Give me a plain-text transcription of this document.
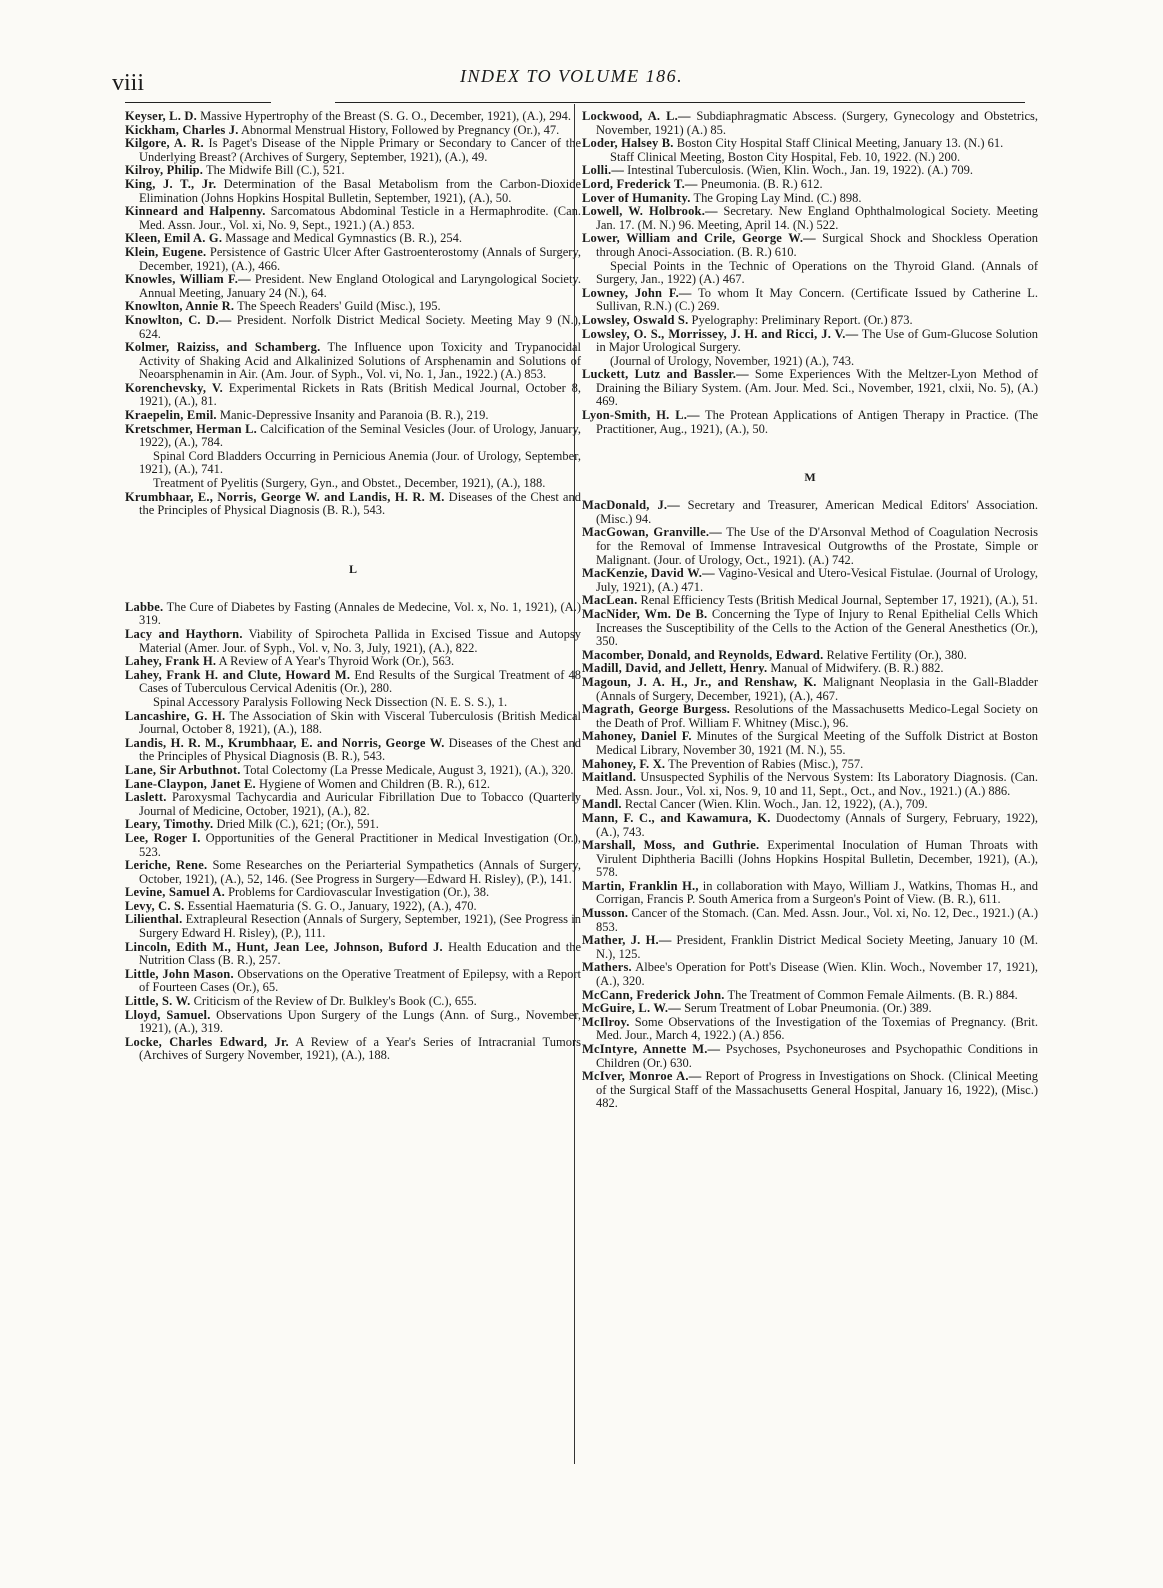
viii	INDEX TO VOLUME 186.

Keyser, L. D. Massive Hypertrophy of the Breast (S. G. O., December, 1921), (A.), 294.

Kickham, Charles J. Abnormal Menstrual History, Followed by Pregnancy (Or.), 47.

Kilgore, A. R. Is Paget's Disease of the Nipple Primary or Secondary to Cancer of the Underlying Breast? (Archives of Surgery, September, 1921), (A.), 49.

Kilroy, Philip. The Midwife Bill (C.), 521.

King, J. T., Jr. Determination of the Basal Metabolism from the Carbon-Dioxide Elimination (Johns Hopkins Hospital Bulletin, September, 1921), (A.), 50.

Kinneard and Halpenny. Sarcomatous Abdominal Testicle in a Hermaphrodite. (Can. Med. Assn. Jour., Vol. xi, No. 9, Sept., 1921.) (A.) 853.

Kleen, Emil A. G. Massage and Medical Gymnastics (B. R.), 254.

Klein, Eugene. Persistence of Gastric Ulcer After Gastroenterostomy (Annals of Surgery, December, 1921), (A.), 466.

Knowles, William F.— President. New England Otological and Laryngological Society. Annual Meeting, January 24 (N.), 64.

Knowlton, Annie R. The Speech Readers' Guild (Misc.), 195.

Knowlton, C. D.— President. Norfolk District Medical Society. Meeting May 9 (N.), 624.

Kolmer, Raiziss, and Schamberg. The Influence upon Toxicity and Trypanocidal Activity of Shaking Acid and Alkalinized Solutions of Arsphenamin and Solutions of Neoarsphenamin in Air. (Am. Jour. of Syph., Vol. vi, No. 1, Jan., 1922.) (A.) 853.

Korenchevsky, V. Experimental Rickets in Rats (British Medical Journal, October 8, 1921), (A.), 81.

Kraepelin, Emil. Manic-Depressive Insanity and Paranoia (B. R.), 219.

Kretschmer, Herman L. Calcification of the Seminal Vesicles (Jour. of Urology, January, 1922), (A.), 784.

Spinal Cord Bladders Occurring in Pernicious Anemia (Jour. of Urology, September, 1921), (A.), 741.

Treatment of Pyelitis (Surgery, Gyn., and Obstet., December, 1921), (A.), 188.

Krumbhaar, E., Norris, George W. and Landis, H. R. M. Diseases of the Chest and the Principles of Physical Diagnosis (B. R.), 543.

L

Labbe. The Cure of Diabetes by Fasting (Annales de Medecine, Vol. x, No. 1, 1921), (A.) 319.

Lacy and Haythorn. Viability of Spirocheta Pallida in Excised Tissue and Autopsy Material (Amer. Jour. of Syph., Vol. v, No. 3, July, 1921), (A.), 822.

Lahey, Frank H. A Review of A Year's Thyroid Work (Or.), 563.

Lahey, Frank H. and Clute, Howard M. End Results of the Surgical Treatment of 48 Cases of Tuberculous Cervical Adenitis (Or.), 280.

Spinal Accessory Paralysis Following Neck Dissection (N. E. S. S.), 1.

Lancashire, G. H. The Association of Skin with Visceral Tuberculosis (British Medical Journal, October 8, 1921), (A.), 188.

Landis, H. R. M., Krumbhaar, E. and Norris, George W. Diseases of the Chest and the Principles of Physical Diagnosis (B. R.), 543.

Lane, Sir Arbuthnot. Total Colectomy (La Presse Medicale, August 3, 1921), (A.), 320.

Lane-Claypon, Janet E. Hygiene of Women and Children (B. R.), 612.

Laslett. Paroxysmal Tachycardia and Auricular Fibrillation Due to Tobacco (Quarterly Journal of Medicine, October, 1921), (A.), 82.

Leary, Timothy. Dried Milk (C.), 621; (Or.), 591.

Lee, Roger I. Opportunities of the General Practitioner in Medical Investigation (Or.), 523.

Leriche, Rene. Some Researches on the Periarterial Sympathetics (Annals of Surgery, October, 1921), (A.), 52, 146. (See Progress in Surgery—Edward H. Risley), (P.), 141.

Levine, Samuel A. Problems for Cardiovascular Investigation (Or.), 38.

Levy, C. S. Essential Haematuria (S. G. O., January, 1922), (A.), 470.

Lilienthal. Extrapleural Resection (Annals of Surgery, September, 1921), (See Progress in Surgery Edward H. Risley), (P.), 111.

Lincoln, Edith M., Hunt, Jean Lee, Johnson, Buford J. Health Education and the Nutrition Class (B. R.), 257.

Little, John Mason. Observations on the Operative Treatment of Epilepsy, with a Report of Fourteen Cases (Or.), 65.

Little, S. W. Criticism of the Review of Dr. Bulkley's Book (C.), 655.

Lloyd, Samuel. Observations Upon Surgery of the Lungs (Ann. of Surg., November, 1921), (A.), 319.

Locke, Charles Edward, Jr. A Review of a Year's Series of Intracranial Tumors (Archives of Surgery November, 1921), (A.), 188.

Lockwood, A. L.— Subdiaphragmatic Abscess. (Surgery, Gynecology and Obstetrics, November, 1921) (A.) 85.

Loder, Halsey B. Boston City Hospital Staff Clinical Meeting, January 13. (N.) 61.

Staff Clinical Meeting, Boston City Hospital, Feb. 10, 1922. (N.) 200.

Lolli.— Intestinal Tuberculosis. (Wien, Klin. Woch., Jan. 19, 1922). (A.) 709.

Lord, Frederick T.— Pneumonia. (B. R.) 612.

Lover of Humanity. The Groping Lay Mind. (C.) 898.

Lowell, W. Holbrook.— Secretary. New England Ophthalmological Society. Meeting Jan. 17. (M. N.) 96. Meeting, April 14. (N.) 522.

Lower, William and Crile, George W.— Surgical Shock and Shockless Operation through Anoci-Association. (B. R.) 610.

Special Points in the Technic of Operations on the Thyroid Gland. (Annals of Surgery, Jan., 1922) (A.) 467.

Lowney, John F.— To whom It May Concern. (Certificate Issued by Catherine L. Sullivan, R.N.) (C.) 269.

Lowsley, Oswald S. Pyelography: Preliminary Report. (Or.) 873.

Lowsley, O. S., Morrissey, J. H. and Ricci, J. V.— The Use of Gum-Glucose Solution in Major Urological Surgery.

(Journal of Urology, November, 1921) (A.), 743.

Luckett, Lutz and Bassler.— Some Experiences With the Meltzer-Lyon Method of Draining the Biliary System. (Am. Jour. Med. Sci., November, 1921, clxii, No. 5), (A.) 469.

Lyon-Smith, H. L.— The Protean Applications of Antigen Therapy in Practice. (The Practitioner, Aug., 1921), (A.), 50.

M

MacDonald, J.— Secretary and Treasurer, American Medical Editors' Association. (Misc.) 94.

MacGowan, Granville.— The Use of the D'Arsonval Method of Coagulation Necrosis for the Removal of Immense Intravesical Outgrowths of the Prostate, Simple or Malignant. (Jour. of Urology, Oct., 1921). (A.) 742.

MacKenzie, David W.— Vagino-Vesical and Utero-Vesical Fistulae. (Journal of Urology, July, 1921), (A.) 471.

MacLean. Renal Efficiency Tests (British Medical Journal, September 17, 1921), (A.), 51.

MacNider, Wm. De B. Concerning the Type of Injury to Renal Epithelial Cells Which Increases the Susceptibility of the Cells to the Action of the General Anesthetics (Or.), 350.

Macomber, Donald, and Reynolds, Edward. Relative Fertility (Or.), 380.

Madill, David, and Jellett, Henry. Manual of Midwifery. (B. R.) 882.

Magoun, J. A. H., Jr., and Renshaw, K. Malignant Neoplasia in the Gall-Bladder (Annals of Surgery, December, 1921), (A.), 467.

Magrath, George Burgess. Resolutions of the Massachusetts Medico-Legal Society on the Death of Prof. William F. Whitney (Misc.), 96.

Mahoney, Daniel F. Minutes of the Surgical Meeting of the Suffolk District at Boston Medical Library, November 30, 1921 (M. N.), 55.

Mahoney, F. X. The Prevention of Rabies (Misc.), 757.

Maitland. Unsuspected Syphilis of the Nervous System: Its Laboratory Diagnosis. (Can. Med. Assn. Jour., Vol. xi, Nos. 9, 10 and 11, Sept., Oct., and Nov., 1921.) (A.) 886.

Mandl. Rectal Cancer (Wien. Klin. Woch., Jan. 12, 1922), (A.), 709.

Mann, F. C., and Kawamura, K. Duodectomy (Annals of Surgery, February, 1922), (A.), 743.

Marshall, Moss, and Guthrie. Experimental Inoculation of Human Throats with Virulent Diphtheria Bacilli (Johns Hopkins Hospital Bulletin, December, 1921), (A.), 578.

Martin, Franklin H., in collaboration with Mayo, William J., Watkins, Thomas H., and Corrigan, Francis P. South America from a Surgeon's Point of View. (B. R.), 611.

Musson. Cancer of the Stomach. (Can. Med. Assn. Jour., Vol. xi, No. 12, Dec., 1921.) (A.) 853.

Mather, J. H.— President, Franklin District Medical Society Meeting, January 10 (M. N.), 125.

Mathers. Albee's Operation for Pott's Disease (Wien. Klin. Woch., November 17, 1921), (A.), 320.

McCann, Frederick John. The Treatment of Common Female Ailments. (B. R.) 884.

McGuire, L. W.— Serum Treatment of Lobar Pneumonia. (Or.) 389.

McIlroy. Some Observations of the Investigation of the Toxemias of Pregnancy. (Brit. Med. Jour., March 4, 1922.) (A.) 856.

McIntyre, Annette M.— Psychoses, Psychoneuroses and Psychopathic Conditions in Children (Or.) 630.

McIver, Monroe A.— Report of Progress in Investigations on Shock. (Clinical Meeting of the Surgical Staff of the Massachusetts General Hospital, January 16, 1922), (Misc.) 482.
